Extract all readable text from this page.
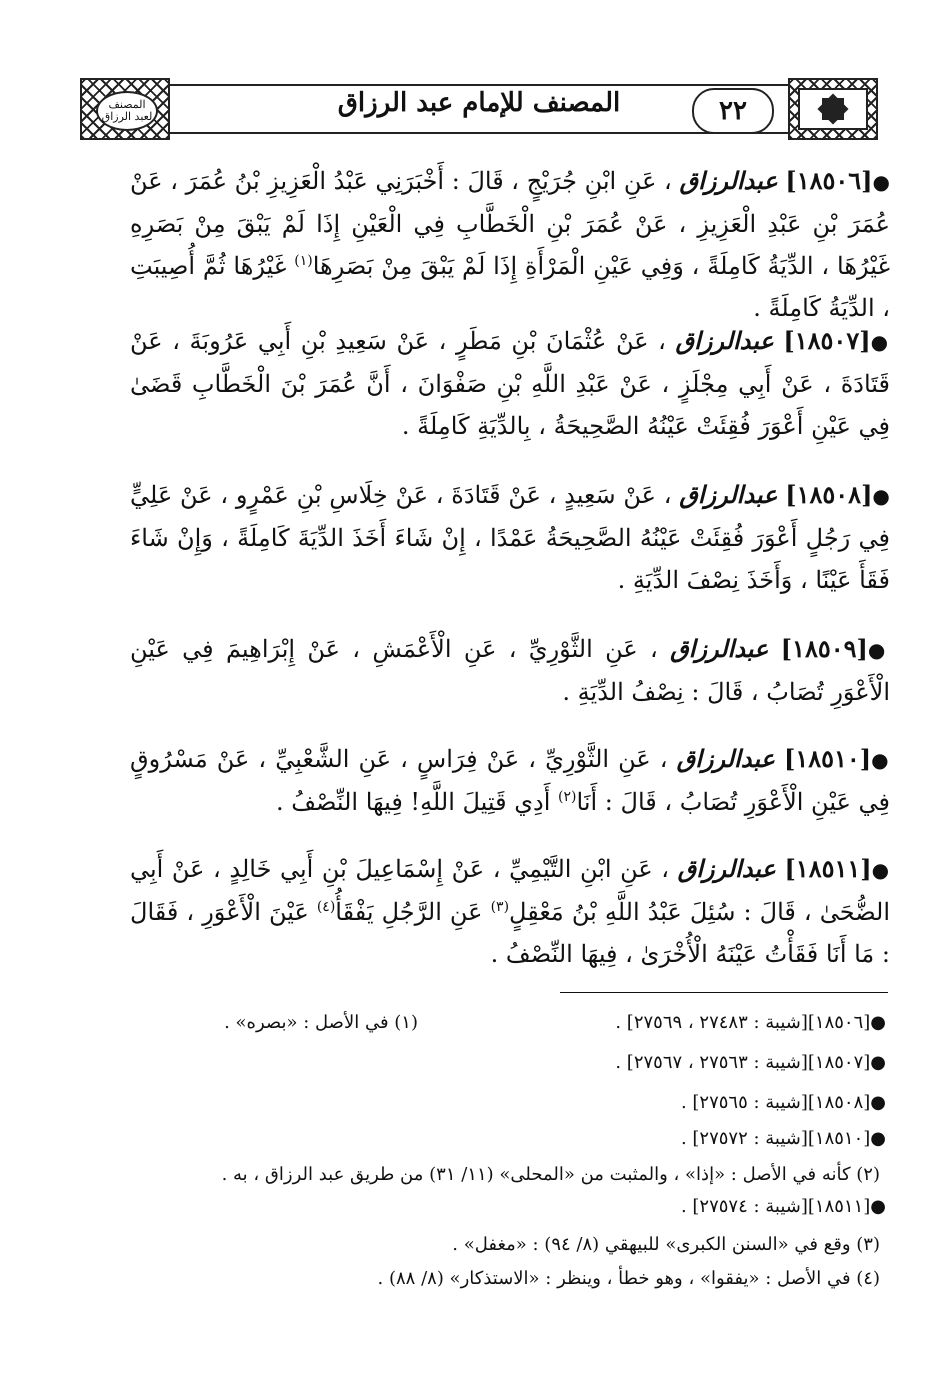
المصنف لعبد الرزاق	المصنف للإمام عبد الرزاق	٢٢

●[١٨٥٠٦] عبدالرزاق ، عَنِ ابْنِ جُرَيْجٍ ، قَالَ : أَخْبَرَنِي عَبْدُ الْعَزِيزِ بْنُ عُمَرَ ، عَنْ عُمَرَ بْنِ عَبْدِ الْعَزِيزِ ، عَنْ عُمَرَ بْنِ الْخَطَّابِ فِي الْعَيْنِ إِذَا لَمْ يَبْقَ مِنْ بَصَرِهِ غَيْرُهَا ، الدِّيَةُ كَامِلَةً ، وَفِي عَيْنِ الْمَرْأَةِ إِذَا لَمْ يَبْقَ مِنْ بَصَرِهَا$^{(١)}$ غَيْرُهَا ثُمَّ أُصِيبَتِ ، الدِّيَةُ كَامِلَةً .

●[١٨٥٠٧] عبدالرزاق ، عَنْ عُثْمَانَ بْنِ مَطَرٍ ، عَنْ سَعِيدِ بْنِ أَبِي عَرُوبَةَ ، عَنْ قَتَادَةَ ، عَنْ أَبِي مِجْلَزٍ ، عَنْ عَبْدِ اللَّهِ بْنِ صَفْوَانَ ، أَنَّ عُمَرَ بْنَ الْخَطَّابِ قَضَىٰ فِي عَيْنِ أَعْوَرَ فُقِئَتْ عَيْنُهُ الصَّحِيحَةُ ، بِالدِّيَةِ كَامِلَةً .

●[١٨٥٠٨] عبدالرزاق ، عَنْ سَعِيدٍ ، عَنْ قَتَادَةَ ، عَنْ خِلَاسِ بْنِ عَمْرٍو ، عَنْ عَلِيٍّ فِي رَجُلٍ أَعْوَرَ فُقِئَتْ عَيْنُهُ الصَّحِيحَةُ عَمْدًا ، إِنْ شَاءَ أَخَذَ الدِّيَةَ كَامِلَةً ، وَإِنْ شَاءَ فَقَأَ عَيْنًا ، وَأَخَذَ نِصْفَ الدِّيَةِ .

●[١٨٥٠٩] عبدالرزاق ، عَنِ الثَّوْرِيِّ ، عَنِ الْأَعْمَشِ ، عَنْ إِبْرَاهِيمَ فِي عَيْنِ الْأَعْوَرِ تُصَابُ ، قَالَ : نِصْفُ الدِّيَةِ .

●[١٨٥١٠] عبدالرزاق ، عَنِ الثَّوْرِيِّ ، عَنْ فِرَاسٍ ، عَنِ الشَّعْبِيِّ ، عَنْ مَسْرُوقٍ فِي عَيْنِ الْأَعْوَرِ تُصَابُ ، قَالَ : أَنَا$^{(٢)}$ أَدِي قَتِيلَ اللَّهِ! فِيهَا النِّصْفُ .

●[١٨٥١١] عبدالرزاق ، عَنِ ابْنِ التَّيْمِيِّ ، عَنْ إِسْمَاعِيلَ بْنِ أَبِي خَالِدٍ ، عَنْ أَبِي الضُّحَىٰ ، قَالَ : سُئِلَ عَبْدُ اللَّهِ بْنُ مَعْقِلٍ$^{(٣)}$ عَنِ الرَّجُلِ يَفْقَأُ$^{(٤)}$ عَيْنَ الْأَعْوَرِ ، فَقَالَ : مَا أَنَا فَقَأْتُ عَيْنَهُ الْأُخْرَىٰ ، فِيهَا النِّصْفُ .

●[١٨٥٠٦][شيبة : ٢٧٤٨٣ ، ٢٧٥٦٩] .
(١) في الأصل : «بصره» .
●[١٨٥٠٧][شيبة : ٢٧٥٦٣ ، ٢٧٥٦٧] .
●[١٨٥٠٨][شيبة : ٢٧٥٦٥] .
●[١٨٥١٠][شيبة : ٢٧٥٧٢] .
(٢) كأنه في الأصل : «إذا» ، والمثبت من «المحلى» (١١/ ٣١) من طريق عبد الرزاق ، به .
●[١٨٥١١][شيبة : ٢٧٥٧٤] .
(٣) وقع في «السنن الكبرى» للبيهقي (٨/ ٩٤) : «مغفل» .
(٤) في الأصل : «يفقوا» ، وهو خطأ ، وينظر : «الاستذكار» (٨/ ٨٨) .
